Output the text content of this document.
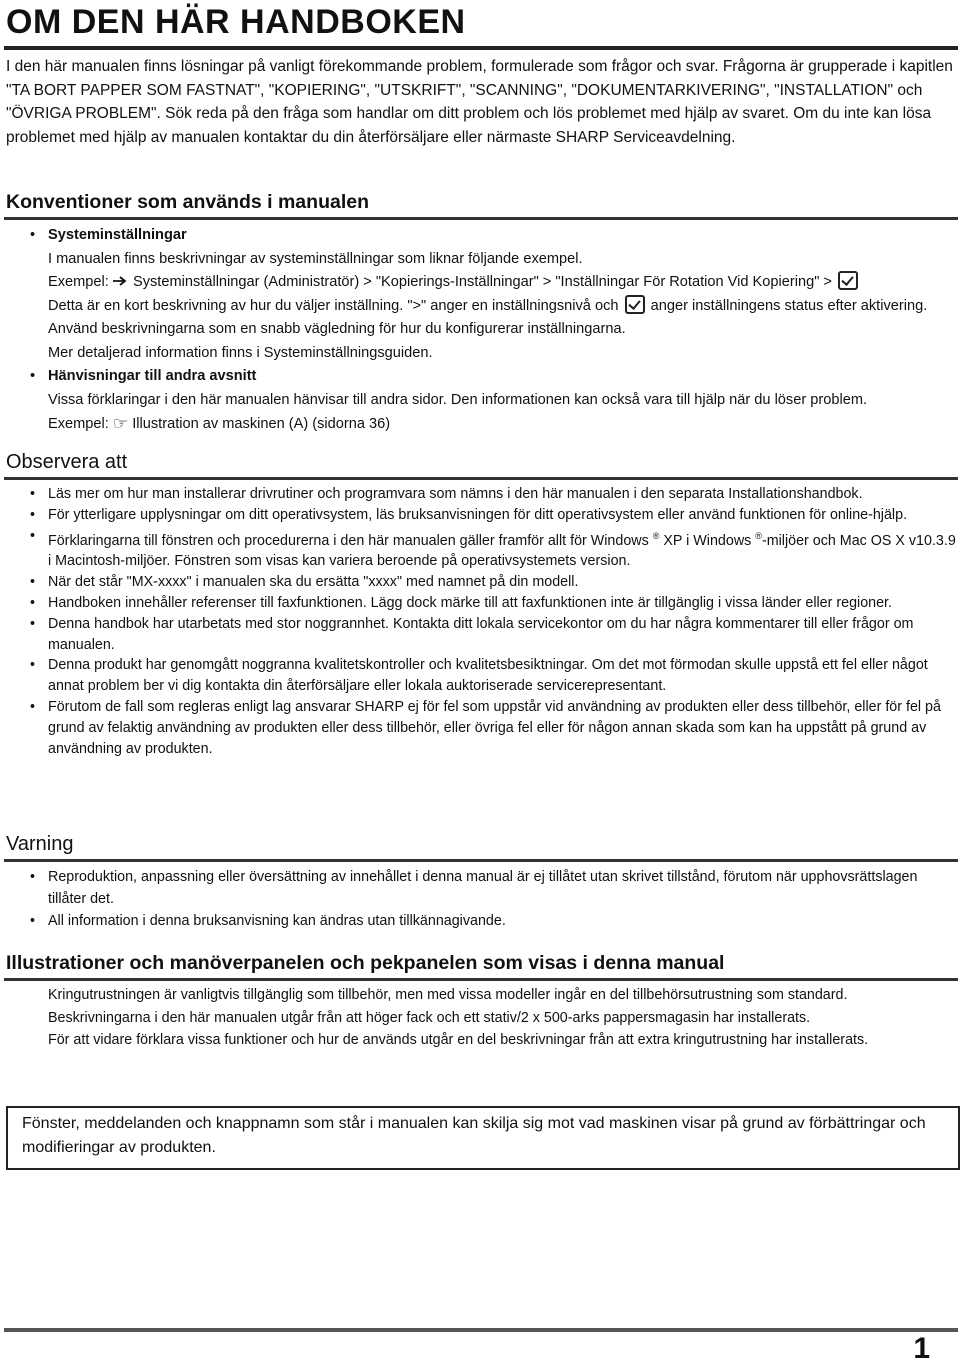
OM DEN HÄR HANDBOKEN

I den här manualen finns lösningar på vanligt förekommande problem, formulerade som frågor och svar. Frågorna är grupperade i kapitlen "TA BORT PAPPER SOM FASTNAT", "KOPIERING", "UTSKRIFT", "SCANNING", "DOKUMENTARKIVERING", "INSTALLATION" och "ÖVRIGA PROBLEM". Sök reda på den fråga som handlar om ditt problem och lös problemet med hjälp av svaret. Om du inte kan lösa problemet med hjälp av manualen kontaktar du din återförsäljare eller närmaste SHARP Serviceavdelning.

Konventioner som används i manualen
• Systeminställningar
I manualen finns beskrivningar av systeminställningar som liknar följande exempel.
Exempel: Systeminställningar (Administratör) > "Kopierings-Inställningar" > "Inställningar För Rotation Vid Kopiering" >
Detta är en kort beskrivning av hur du väljer inställning. ">" anger en inställningsnivå och anger inställningens status efter aktivering. Använd beskrivningarna som en snabb vägledning för hur du konfigurerar inställningarna.
Mer detaljerad information finns i Systeminställningsguiden.
• Hänvisningar till andra avsnitt
Vissa förklaringar i den här manualen hänvisar till andra sidor. Den informationen kan också vara till hjälp när du löser problem.
Exempel: ☞ Illustration av maskinen (A) (sidorna 36)
Observera att
• Läs mer om hur man installerar drivrutiner och programvara som nämns i den här manualen i den separata Installationshandbok.
• För ytterligare upplysningar om ditt operativsystem, läs bruksanvisningen för ditt operativsystem eller använd funktionen för online-hjälp.
• Förklaringarna till fönstren och procedurerna i den här manualen gäller framför allt för Windows ® XP i Windows ®-miljöer och Mac OS X v10.3.9 i Macintosh-miljöer. Fönstren som visas kan variera beroende på operativsystemets version.
• När det står "MX-xxxx" i manualen ska du ersätta "xxxx" med namnet på din modell.
• Handboken innehåller referenser till faxfunktionen. Lägg dock märke till att faxfunktionen inte är tillgänglig i vissa länder eller regioner.
• Denna handbok har utarbetats med stor noggrannhet. Kontakta ditt lokala servicekontor om du har några kommentarer till eller frågor om manualen.
• Denna produkt har genomgått noggranna kvalitetskontroller och kvalitetsbesiktningar. Om det mot förmodan skulle uppstå ett fel eller något annat problem ber vi dig kontakta din återförsäljare eller lokala auktoriserade servicerepresentant.
• Förutom de fall som regleras enligt lag ansvarar SHARP ej för fel som uppstår vid användning av produkten eller dess tillbehör, eller för fel på grund av felaktig användning av produkten eller dess tillbehör, eller övriga fel eller för någon annan skada som kan ha uppstått på grund av användning av produkten.
Varning
• Reproduktion, anpassning eller översättning av innehållet i denna manual är ej tillåtet utan skrivet tillstånd, förutom när upphovsrättslagen tillåter det.
• All information i denna bruksanvisning kan ändras utan tillkännagivande.
Illustrationer och manöverpanelen och pekpanelen som visas i denna manual
Kringutrustningen är vanligtvis tillgänglig som tillbehör, men med vissa modeller ingår en del tillbehörsutrustning som standard.
Beskrivningarna i den här manualen utgår från att höger fack och ett stativ/2 x 500-arks pappersmagasin har installerats.
För att vidare förklara vissa funktioner och hur de används utgår en del beskrivningar från att extra kringutrustning har installerats.
Fönster, meddelanden och knappnamn som står i manualen kan skilja sig mot vad maskinen visar på grund av förbättringar och modifieringar av produkten.
1
